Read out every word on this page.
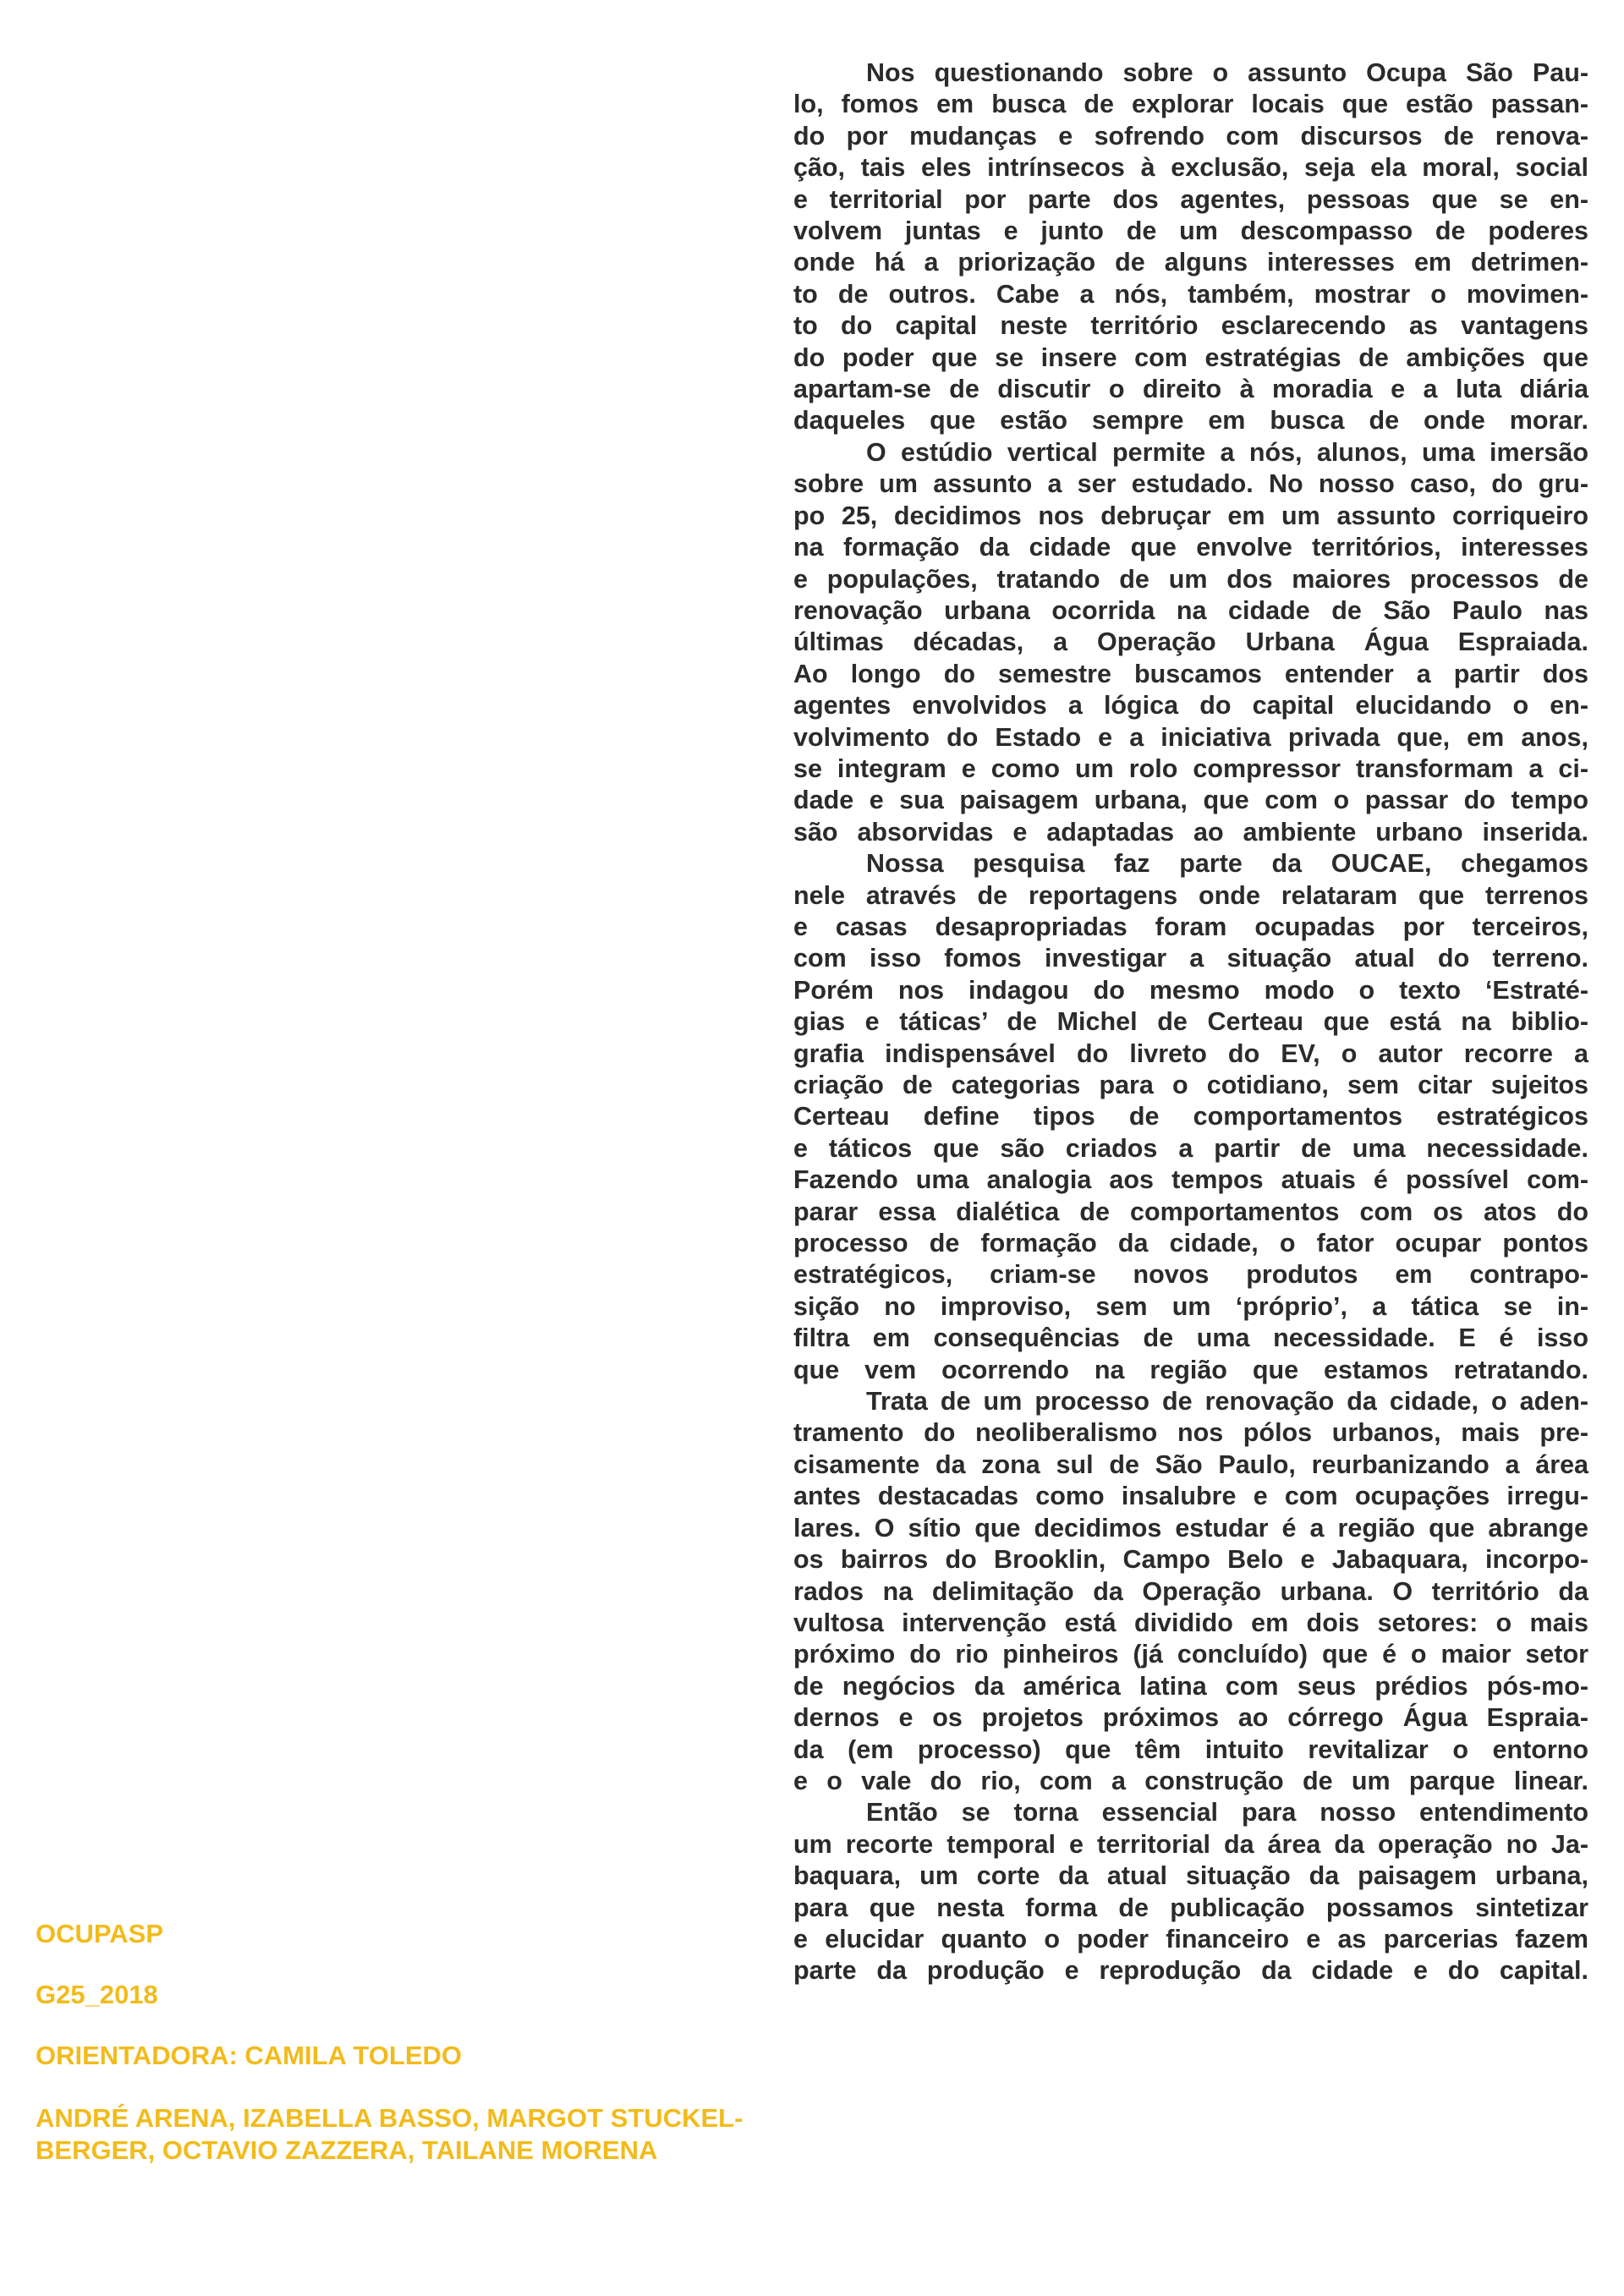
OCUPASP
G25_2018
ORIENTADORA: CAMILA TOLEDO
ANDRÉ ARENA, IZABELLA BASSO, MARGOT STUCKEL-
BERGER, OCTAVIO ZAZZERA, TAILANE MORENA

Nos questionando sobre o assunto Ocupa São Pau-
lo, fomos em busca de explorar locais que estão passan-
do por mudanças e sofrendo com discursos de renova-
ção, tais eles intrínsecos à exclusão, seja ela moral, social
e territorial por parte dos agentes, pessoas que se en-
volvem juntas e junto de um descompasso de poderes
onde há a priorização de alguns interesses em detrimen-
to de outros. Cabe a nós, também, mostrar o movimen-
to do capital neste território esclarecendo as vantagens
do poder que se insere com estratégias de ambições que
apartam-se de discutir o direito à moradia e a luta diária
daqueles que estão sempre em busca de onde morar.

O estúdio vertical permite a nós, alunos, uma imersão
sobre um assunto a ser estudado. No nosso caso, do gru-
po 25, decidimos nos debruçar em um assunto corriqueiro
na formação da cidade que envolve territórios, interesses
e populações, tratando de um dos maiores processos de
renovação urbana ocorrida na cidade de São Paulo nas
últimas décadas, a Operação Urbana Água Espraiada.
Ao longo do semestre buscamos entender a partir dos
agentes envolvidos a lógica do capital elucidando o en-
volvimento do Estado e a iniciativa privada que, em anos,
se integram e como um rolo compressor transformam a ci-
dade e sua paisagem urbana, que com o passar do tempo
são absorvidas e adaptadas ao ambiente urbano inserida.

Nossa pesquisa faz parte da OUCAE, chegamos
nele através de reportagens onde relataram que terrenos
e casas desapropriadas foram ocupadas por terceiros,
com isso fomos investigar a situação atual do terreno.
Porém nos indagou do mesmo modo o texto ‘Estraté-
gias e táticas’ de Michel de Certeau que está na biblio-
grafia indispensável do livreto do EV, o autor recorre a
criação de categorias para o cotidiano, sem citar sujeitos
Certeau define tipos de comportamentos estratégicos
e táticos que são criados a partir de uma necessidade.
Fazendo uma analogia aos tempos atuais é possível com-
parar essa dialética de comportamentos com os atos do
processo de formação da cidade, o fator ocupar pontos
estratégicos, criam-se novos produtos em contrapo-
sição no improviso, sem um ‘próprio’, a tática se in-
filtra em consequências de uma necessidade. E é isso
que vem ocorrendo na região que estamos retratando.

Trata de um processo de renovação da cidade, o aden-
tramento do neoliberalismo nos pólos urbanos, mais pre-
cisamente da zona sul de São Paulo, reurbanizando a área
antes destacadas como insalubre e com ocupações irregu-
lares. O sítio que decidimos estudar é a região que abrange
os bairros do Brooklin, Campo Belo e Jabaquara, incorpo-
rados na delimitação da Operação urbana. O território da
vultosa intervenção está dividido em dois setores: o mais
próximo do rio pinheiros (já concluído) que é o maior setor
de negócios da américa latina com seus prédios pós-mo-
dernos e os projetos próximos ao córrego Água Espraia-
da (em processo) que têm intuito revitalizar o entorno
e o vale do rio, com a construção de um parque linear.

Então se torna essencial para nosso entendimento
um recorte temporal e territorial da área da operação no Ja-
baquara, um corte da atual situação da paisagem urbana,
para que nesta forma de publicação possamos sintetizar
e elucidar quanto o poder financeiro e as parcerias fazem
parte da produção e reprodução da cidade e do capital.
